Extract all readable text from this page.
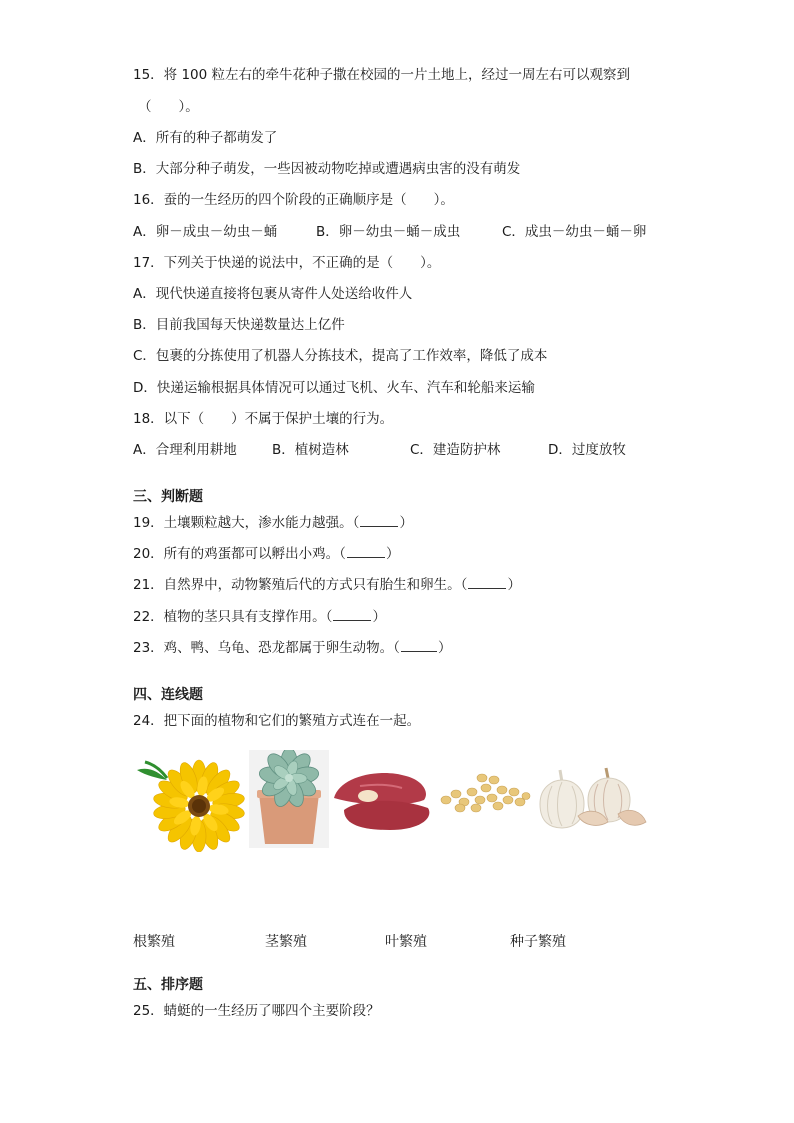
15．将 100 粒左右的牵牛花种子撒在校园的一片土地上，经过一周左右可以观察到
（　　）。
A．所有的种子都萌发了
B．大部分种子萌发，一些因被动物吃掉或遭遇病虫害的没有萌发
16．蚕的一生经历的四个阶段的正确顺序是（　　）。
A．卵－成虫－幼虫－蛹	B．卵－幼虫－蛹－成虫	C．成虫－幼虫－蛹－卵
17．下列关于快递的说法中，不正确的是（　　）。
A．现代快递直接将包裹从寄件人处送给收件人
B．目前我国每天快递数量达上亿件
C．包裹的分拣使用了机器人分拣技术，提高了工作效率，降低了成本
D．快递运输根据具体情况可以通过飞机、火车、汽车和轮船来运输
18．以下（　　）不属于保护土壤的行为。
A．合理利用耕地	B．植树造林	C．建造防护林	D．过度放牧
三、判断题
19．土壤颗粒越大，渗水能力越强。（	）
20．所有的鸡蛋都可以孵出小鸡。（	）
21．自然界中，动物繁殖后代的方式只有胎生和卵生。（	）
22．植物的茎只具有支撑作用。（	）
23．鸡、鸭、乌龟、恐龙都属于卵生动物。（	）
四、连线题
24．把下面的植物和它们的繁殖方式连在一起。
根繁殖	茎繁殖	叶繁殖	种子繁殖
五、排序题
25．蜻蜓的一生经历了哪四个主要阶段？
